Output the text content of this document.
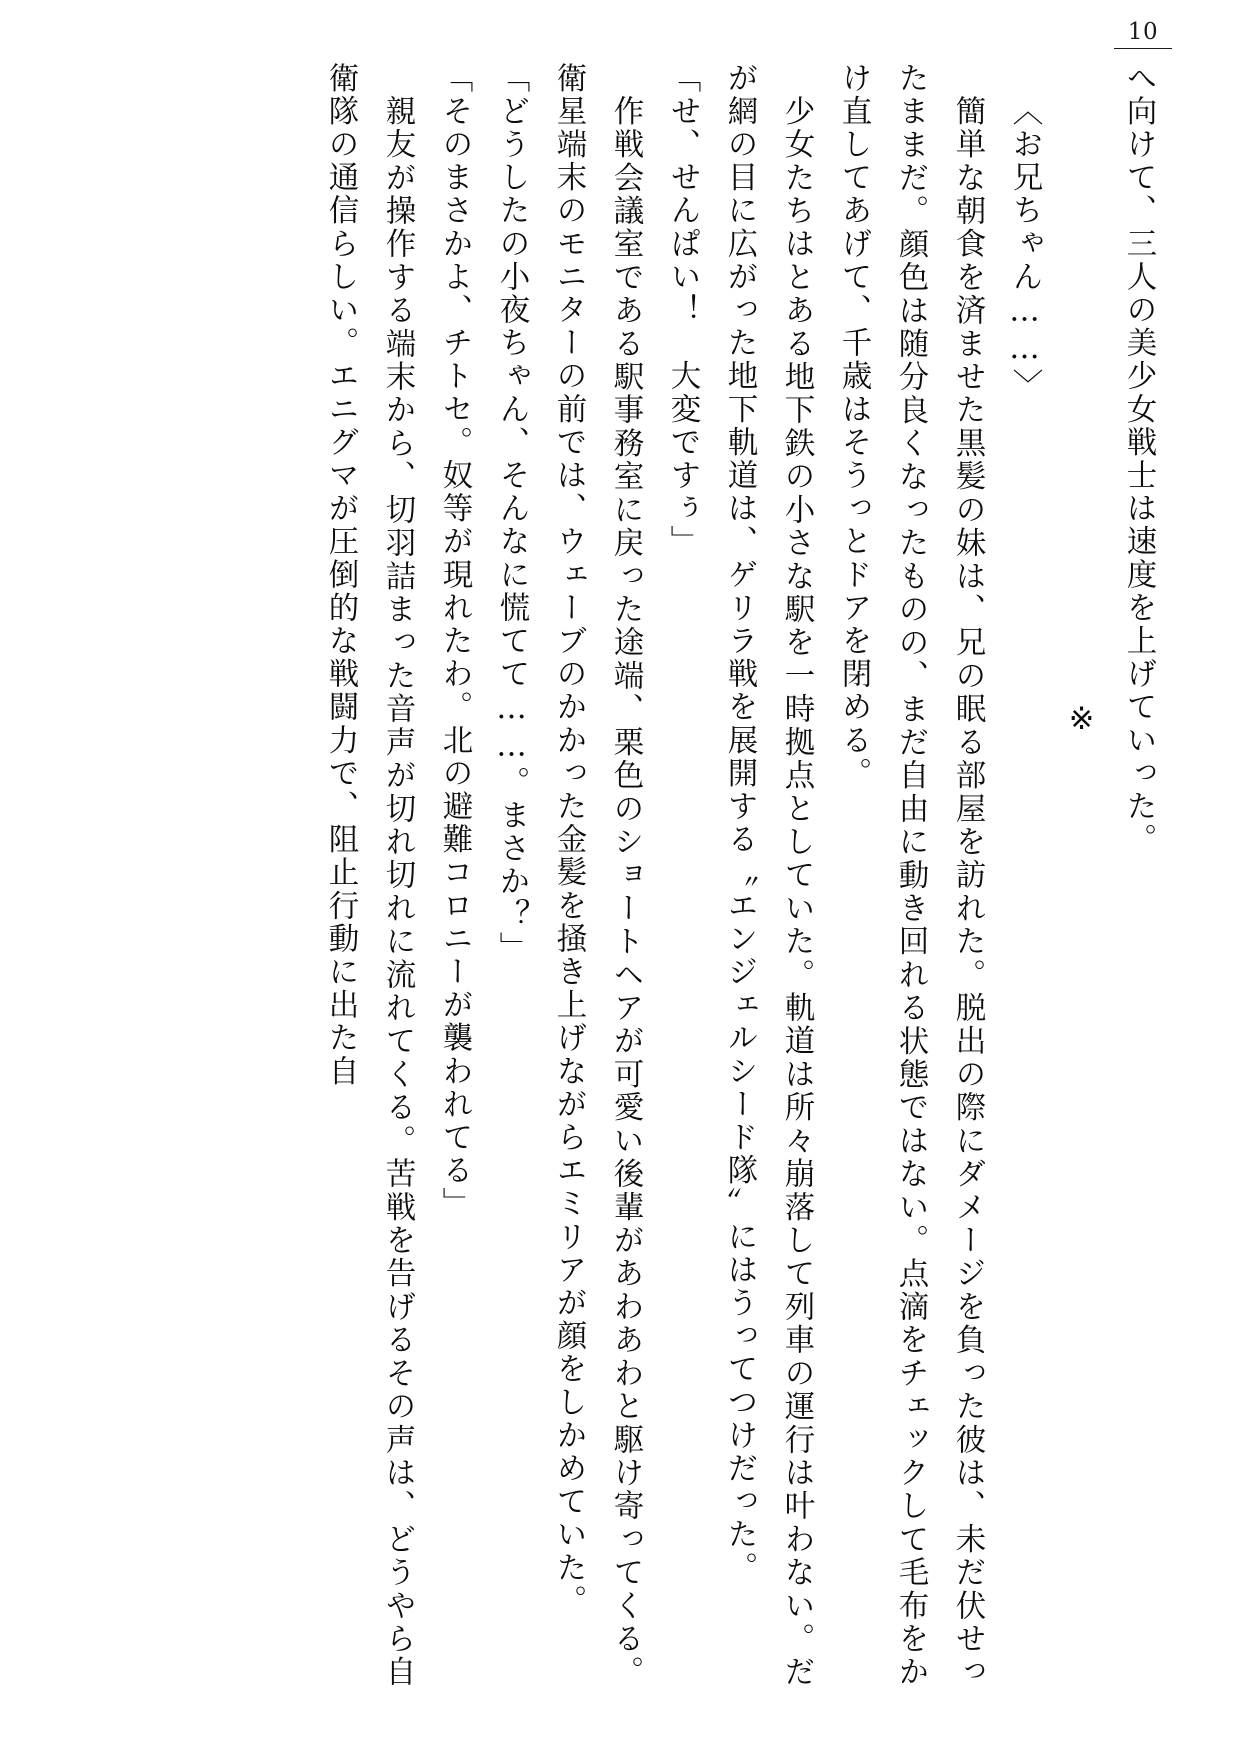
10

へ向けて、三人の美少女戦士は速度を上げていった。

※

〈お兄ちゃん……〉

簡単な朝食を済ませた黒髪の妹は、兄の眠る部屋を訪れた。脱出の際にダメージを負った彼は、未だ伏せったままだ。顔色は随分良くなったものの、まだ自由に動き回れる状態ではない。点滴をチェックして毛布をかけ直してあげて、千歳はそうっとドアを閉める。

少女たちはとある地下鉄の小さな駅を一時拠点としていた。軌道は所々崩落して列車の運行は叶わない。だが網の目に広がった地下軌道は、ゲリラ戦を展開する〝エンジェルシード隊〟にはうってつけだった。

「せ、せんぱい！　大変ですぅ」

作戦会議室である駅事務室に戻った途端、栗色のショートヘアが可愛い後輩があわあわと駆け寄ってくる。衛星端末のモニターの前では、ウェーブのかかった金髪を掻き上げながらエミリアが顔をしかめていた。

「どうしたの小夜ちゃん、そんなに慌てて……。まさか？」

「そのまさかよ、チトセ。奴等が現れたわ。北の避難コロニーが襲われてる」

親友が操作する端末から、切羽詰まった音声が切れ切れに流れてくる。苦戦を告げるその声は、どうやら自衛隊の通信らしい。エニグマが圧倒的な戦闘力で、阻止行動に出た自
